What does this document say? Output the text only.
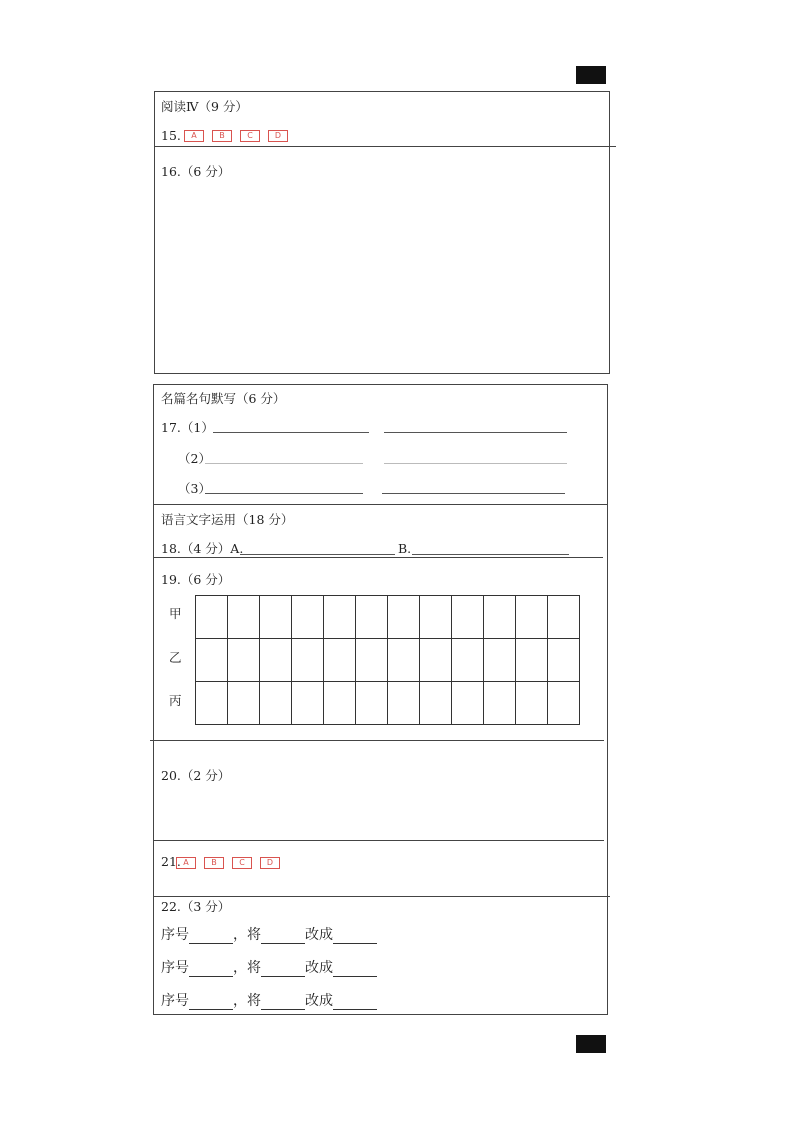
阅读Ⅳ（9 分）
15.	A	B	C	D
16.（6 分）
名篇名句默写（6 分）
17.（1）
（2）
（3）
语言文字运用（18 分）
18.（4 分）A.	B.
19.（6 分）
甲
乙
丙

20.（2 分）
21. A	B	C	D
22.（3 分）
序号	，将	改成
序号	，将	改成
序号	，将	改成
